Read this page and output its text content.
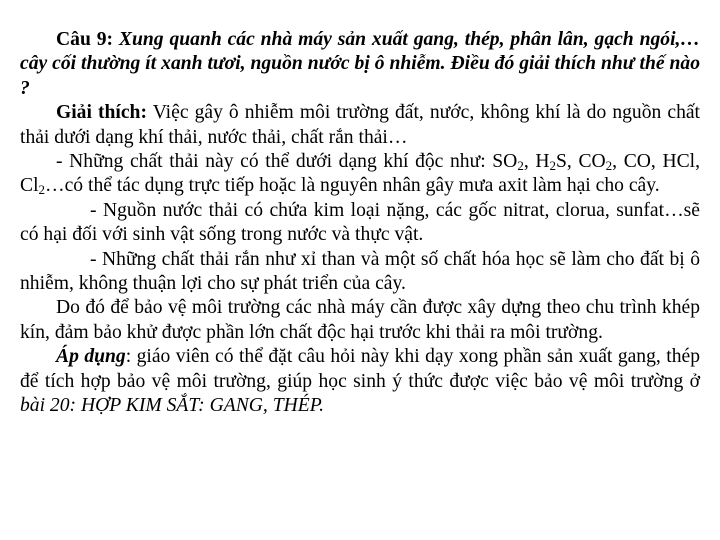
Câu 9: Xung quanh các nhà máy sản xuất gang, thép, phân lân, gạch ngói,…cây cối thường ít xanh tươi, nguồn nước bị ô nhiễm. Điều đó giải thích như thế nào ?

Giải thích: Việc gây ô nhiễm môi trường đất, nước, không khí là do nguồn chất thải dưới dạng khí thải, nước thải, chất rắn thải…

- Những chất thải này có thể dưới dạng khí độc như: $SO_2$, $H_2S$, $CO_2$, CO, HCl, $Cl_2\dots có$ thể tác dụng trực tiếp hoặc là nguyên nhân gây mưa axit làm hại cho cây.

- Nguồn nước thải có chứa kim loại nặng, các gốc nitrat, clorua, sunfat…sẽ có hại đối với sinh vật sống trong nước và thực vật.

- Những chất thải rắn như xỉ than và một số chất hóa học sẽ làm cho đất bị ô nhiễm, không thuận lợi cho sự phát triển của cây.

Do đó để bảo vệ môi trường các nhà máy cần được xây dựng theo chu trình khép kín, đảm bảo khử được phần lớn chất độc hại trước khi thải ra môi trường.

Áp dụng: giáo viên có thể đặt câu hỏi này khi dạy xong phần sản xuất gang, thép để tích hợp bảo vệ môi trường, giúp học sinh ý thức được việc bảo vệ môi trường ở bài 20: HỢP KIM SẮT: GANG, THÉP.
